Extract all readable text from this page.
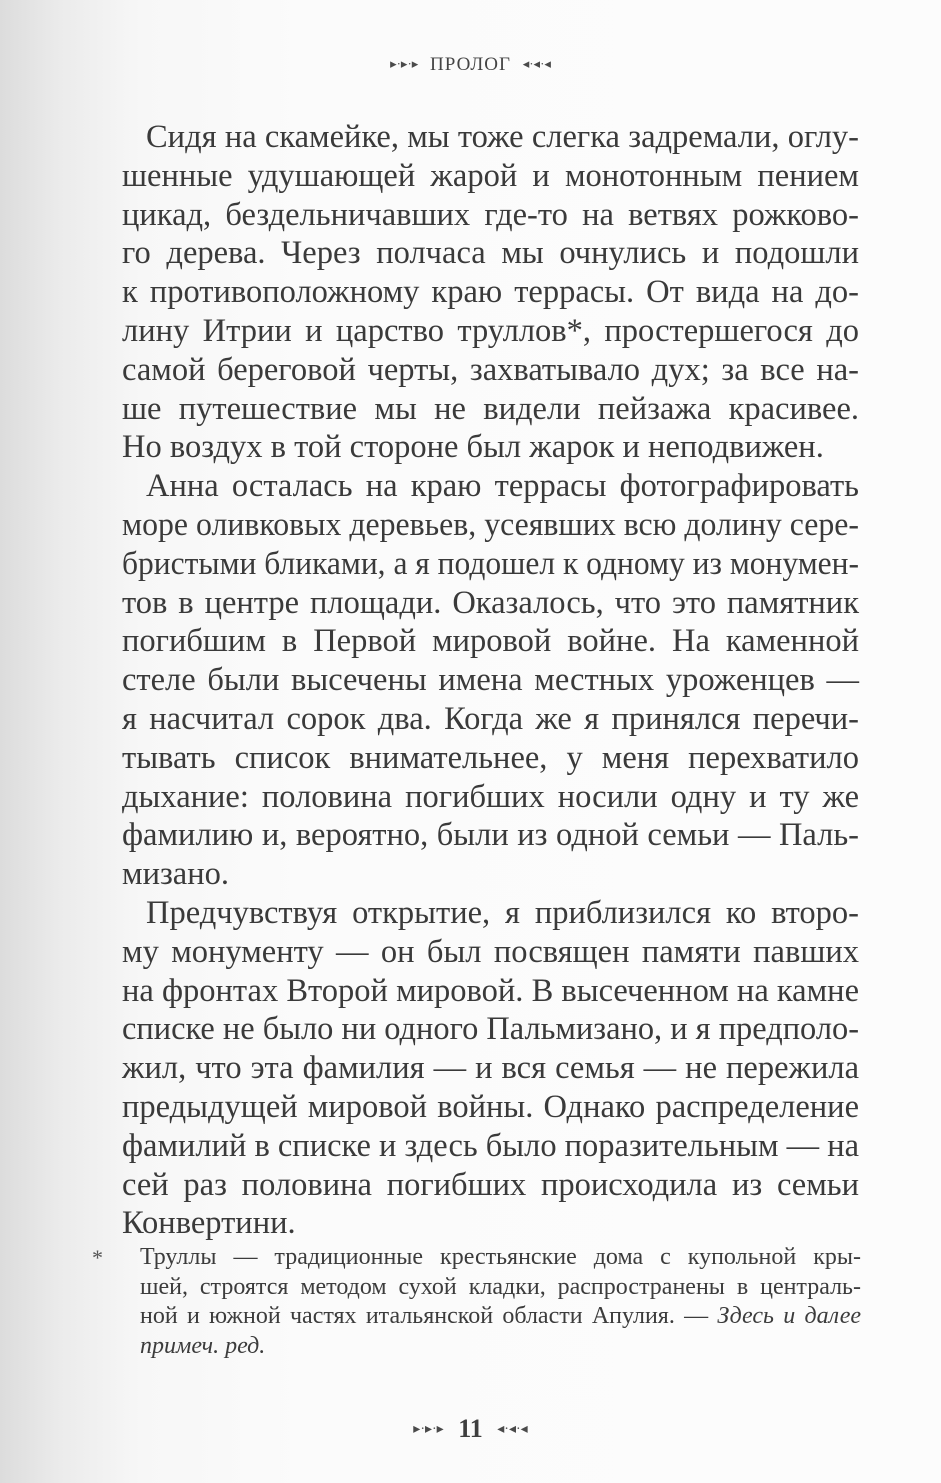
▸·▸·▸ ПРОЛОГ ◂·◂·◂
Сидя на скамейке, мы тоже слегка задремали, оглу-
шенные удушающей жарой и монотонным пением
цикад, бездельничавших где-то на ветвях рожково-
го дерева. Через полчаса мы очнулись и подошли
к противоположному краю террасы. От вида на до-
лину Итрии и царство труллов*, простершегося до
самой береговой черты, захватывало дух; за все на-
ше путешествие мы не видели пейзажа красивее.
Но воздух в той стороне был жарок и неподвижен.
Анна осталась на краю террасы фотографировать
море оливковых деревьев, усеявших всю долину сере-
бристыми бликами, а я подошел к одному из монумен-
тов в центре площади. Оказалось, что это памятник
погибшим в Первой мировой войне. На каменной
стеле были высечены имена местных уроженцев —
я насчитал сорок два. Когда же я принялся перечи-
тывать список внимательнее, у меня перехватило
дыхание: половина погибших носили одну и ту же
фамилию и, вероятно, были из одной семьи — Паль-
мизано.
Предчувствуя открытие, я приблизился ко второ-
му монументу — он был посвящен памяти павших
на фронтах Второй мировой. В высеченном на камне
списке не было ни одного Пальмизано, и я предполо-
жил, что эта фамилия — и вся семья — не пережила
предыдущей мировой войны. Однако распределение
фамилий в списке и здесь было поразительным — на
сей раз половина погибших происходила из семьи
Конвертини.
* Труллы — традиционные крестьянские дома с купольной кры-
шей, строятся методом сухой кладки, распространены в централь-
ной и южной частях итальянской области Апулия. — Здесь и далее
примеч. ред.
▸·▸·▸ 11 ◂·◂·◂
